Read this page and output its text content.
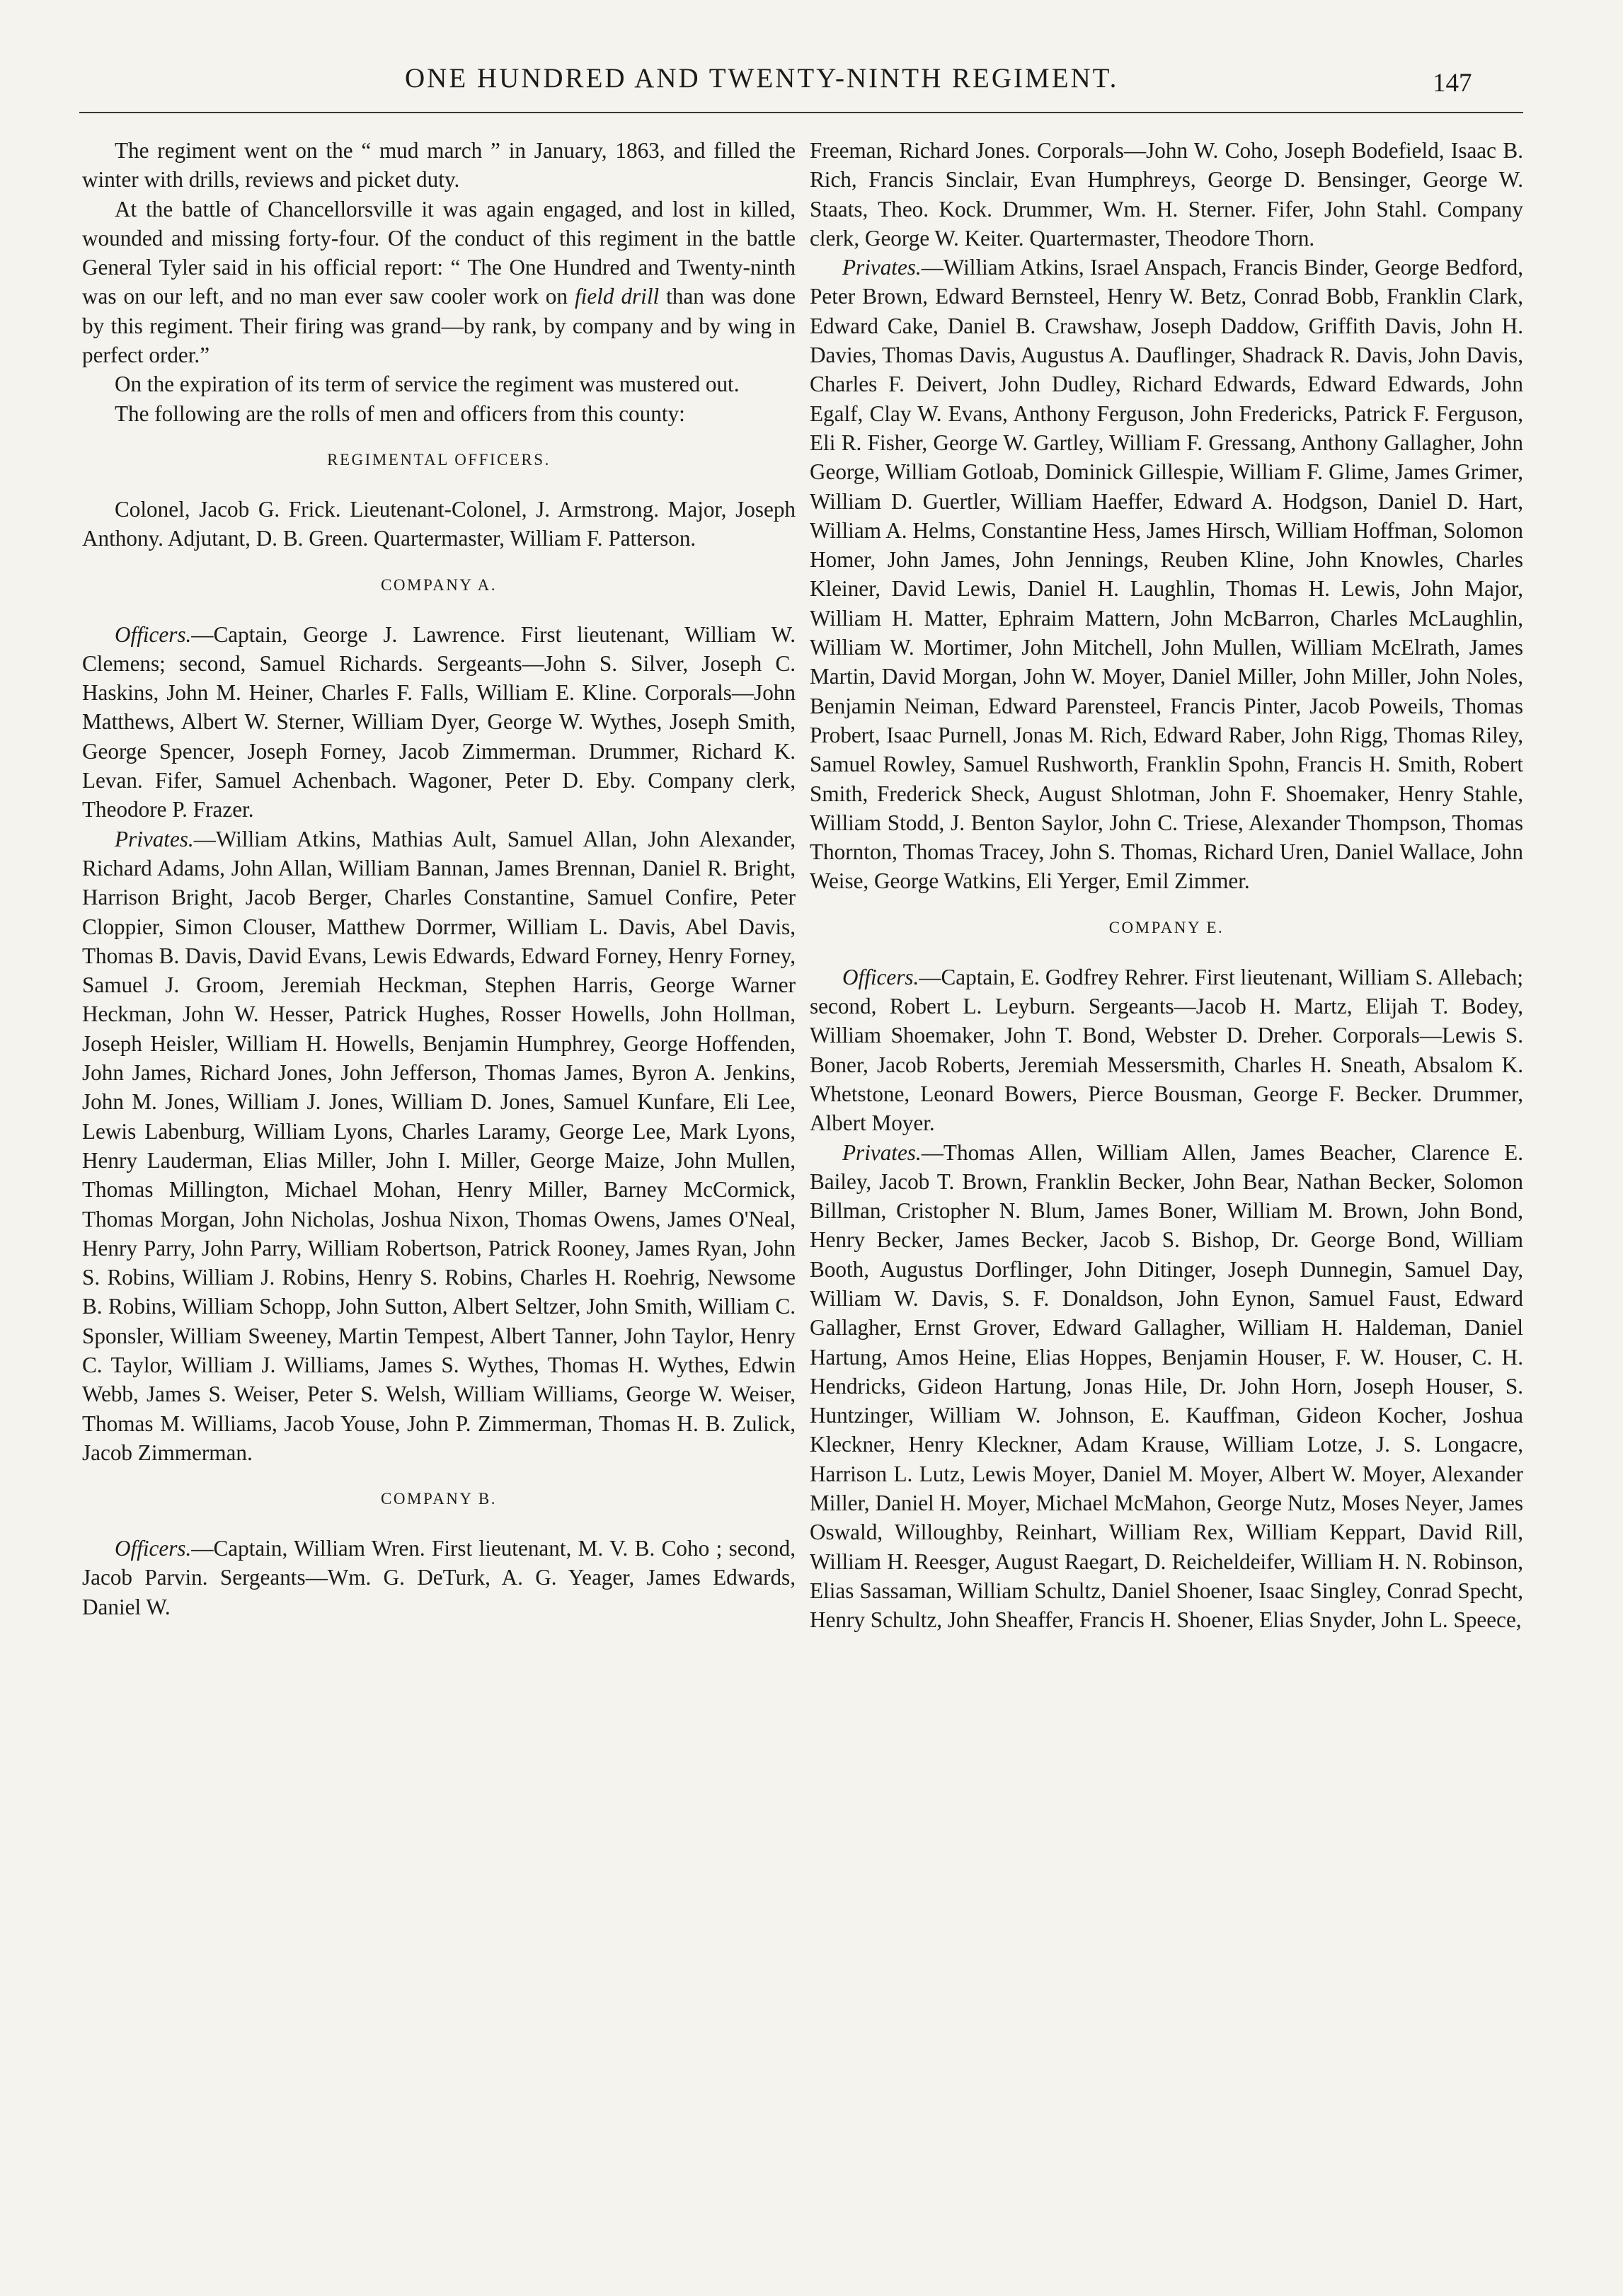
ONE HUNDRED AND TWENTY-NINTH REGIMENT.	147

The regiment went on the “ mud march ” in January, 1863, and filled the winter with drills, reviews and picket duty.

At the battle of Chancellorsville it was again engaged, and lost in killed, wounded and missing forty-four. Of the conduct of this regiment in the battle General Tyler said in his official report: “ The One Hundred and Twenty-ninth was on our left, and no man ever saw cooler work on field drill than was done by this regiment. Their firing was grand—by rank, by company and by wing in perfect order.”

On the expiration of its term of service the regiment was mustered out.

The following are the rolls of men and officers from this county:

REGIMENTAL OFFICERS.

Colonel, Jacob G. Frick. Lieutenant-Colonel, J. Armstrong. Major, Joseph Anthony. Adjutant, D. B. Green. Quartermaster, William F. Patterson.

COMPANY A.

Officers.—Captain, George J. Lawrence. First lieutenant, William W. Clemens; second, Samuel Richards. Sergeants—John S. Silver, Joseph C. Haskins, John M. Heiner, Charles F. Falls, William E. Kline. Corporals—John Matthews, Albert W. Sterner, William Dyer, George W. Wythes, Joseph Smith, George Spencer, Joseph Forney, Jacob Zimmerman. Drummer, Richard K. Levan. Fifer, Samuel Achenbach. Wagoner, Peter D. Eby. Company clerk, Theodore P. Frazer.

Privates.—William Atkins, Mathias Ault, Samuel Allan, John Alexander, Richard Adams, John Allan, William Bannan, James Brennan, Daniel R. Bright, Harrison Bright, Jacob Berger, Charles Constantine, Samuel Confire, Peter Cloppier, Simon Clouser, Matthew Dorrmer, William L. Davis, Abel Davis, Thomas B. Davis, David Evans, Lewis Edwards, Edward Forney, Henry Forney, Samuel J. Groom, Jeremiah Heckman, Stephen Harris, George Warner Heckman, John W. Hesser, Patrick Hughes, Rosser Howells, John Hollman, Joseph Heisler, William H. Howells, Benjamin Humphrey, George Hoffenden, John James, Richard Jones, John Jefferson, Thomas James, Byron A. Jenkins, John M. Jones, William J. Jones, William D. Jones, Samuel Kunfare, Eli Lee, Lewis Labenburg, William Lyons, Charles Laramy, George Lee, Mark Lyons, Henry Lauderman, Elias Miller, John I. Miller, George Maize, John Mullen, Thomas Millington, Michael Mohan, Henry Miller, Barney McCormick, Thomas Morgan, John Nicholas, Joshua Nixon, Thomas Owens, James O'Neal, Henry Parry, John Parry, William Robertson, Patrick Rooney, James Ryan, John S. Robins, William J. Robins, Henry S. Robins, Charles H. Roehrig, Newsome B. Robins, William Schopp, John Sutton, Albert Seltzer, John Smith, William C. Sponsler, William Sweeney, Martin Tempest, Albert Tanner, John Taylor, Henry C. Taylor, William J. Williams, James S. Wythes, Thomas H. Wythes, Edwin Webb, James S. Weiser, Peter S. Welsh, William Williams, George W. Weiser, Thomas M. Williams, Jacob Youse, John P. Zimmerman, Thomas H. B. Zulick, Jacob Zimmerman.

COMPANY B.

Officers.—Captain, William Wren. First lieutenant, M. V. B. Coho ; second, Jacob Parvin. Sergeants—Wm. G. DeTurk, A. G. Yeager, James Edwards, Daniel W.

Freeman, Richard Jones. Corporals—John W. Coho, Joseph Bodefield, Isaac B. Rich, Francis Sinclair, Evan Humphreys, George D. Bensinger, George W. Staats, Theo. Kock. Drummer, Wm. H. Sterner. Fifer, John Stahl. Company clerk, George W. Keiter. Quartermaster, Theodore Thorn.

Privates.—William Atkins, Israel Anspach, Francis Binder, George Bedford, Peter Brown, Edward Bernsteel, Henry W. Betz, Conrad Bobb, Franklin Clark, Edward Cake, Daniel B. Crawshaw, Joseph Daddow, Griffith Davis, John H. Davies, Thomas Davis, Augustus A. Dauflinger, Shadrack R. Davis, John Davis, Charles F. Deivert, John Dudley, Richard Edwards, Edward Edwards, John Egalf, Clay W. Evans, Anthony Ferguson, John Fredericks, Patrick F. Ferguson, Eli R. Fisher, George W. Gartley, William F. Gressang, Anthony Gallagher, John George, William Gotloab, Dominick Gillespie, William F. Glime, James Grimer, William D. Guertler, William Haeffer, Edward A. Hodgson, Daniel D. Hart, William A. Helms, Constantine Hess, James Hirsch, William Hoffman, Solomon Homer, John James, John Jennings, Reuben Kline, John Knowles, Charles Kleiner, David Lewis, Daniel H. Laughlin, Thomas H. Lewis, John Major, William H. Matter, Ephraim Mattern, John McBarron, Charles McLaughlin, William W. Mortimer, John Mitchell, John Mullen, William McElrath, James Martin, David Morgan, John W. Moyer, Daniel Miller, John Miller, John Noles, Benjamin Neiman, Edward Parensteel, Francis Pinter, Jacob Poweils, Thomas Probert, Isaac Purnell, Jonas M. Rich, Edward Raber, John Rigg, Thomas Riley, Samuel Rowley, Samuel Rushworth, Franklin Spohn, Francis H. Smith, Robert Smith, Frederick Sheck, August Shlotman, John F. Shoemaker, Henry Stahle, William Stodd, J. Benton Saylor, John C. Triese, Alexander Thompson, Thomas Thornton, Thomas Tracey, John S. Thomas, Richard Uren, Daniel Wallace, John Weise, George Watkins, Eli Yerger, Emil Zimmer.

COMPANY E.

Officers.—Captain, E. Godfrey Rehrer. First lieutenant, William S. Allebach; second, Robert L. Leyburn. Sergeants—Jacob H. Martz, Elijah T. Bodey, William Shoemaker, John T. Bond, Webster D. Dreher. Corporals—Lewis S. Boner, Jacob Roberts, Jeremiah Messersmith, Charles H. Sneath, Absalom K. Whetstone, Leonard Bowers, Pierce Bousman, George F. Becker. Drummer, Albert Moyer.

Privates.—Thomas Allen, William Allen, James Beacher, Clarence E. Bailey, Jacob T. Brown, Franklin Becker, John Bear, Nathan Becker, Solomon Billman, Cristopher N. Blum, James Boner, William M. Brown, John Bond, Henry Becker, James Becker, Jacob S. Bishop, Dr. George Bond, William Booth, Augustus Dorflinger, John Ditinger, Joseph Dunnegin, Samuel Day, William W. Davis, S. F. Donaldson, John Eynon, Samuel Faust, Edward Gallagher, Ernst Grover, Edward Gallagher, William H. Haldeman, Daniel Hartung, Amos Heine, Elias Hoppes, Benjamin Houser, F. W. Houser, C. H. Hendricks, Gideon Hartung, Jonas Hile, Dr. John Horn, Joseph Houser, S. Huntzinger, William W. Johnson, E. Kauffman, Gideon Kocher, Joshua Kleckner, Henry Kleckner, Adam Krause, William Lotze, J. S. Longacre, Harrison L. Lutz, Lewis Moyer, Daniel M. Moyer, Albert W. Moyer, Alexander Miller, Daniel H. Moyer, Michael McMahon, George Nutz, Moses Neyer, James Oswald, Willoughby, Reinhart, William Rex, William Keppart, David Rill, William H. Reesger, August Raegart, D. Reicheldeifer, William H. N. Robinson, Elias Sassaman, William Schultz, Daniel Shoener, Isaac Singley, Conrad Specht, Henry Schultz, John Sheaffer, Francis H. Shoener, Elias Snyder, John L. Speece,
